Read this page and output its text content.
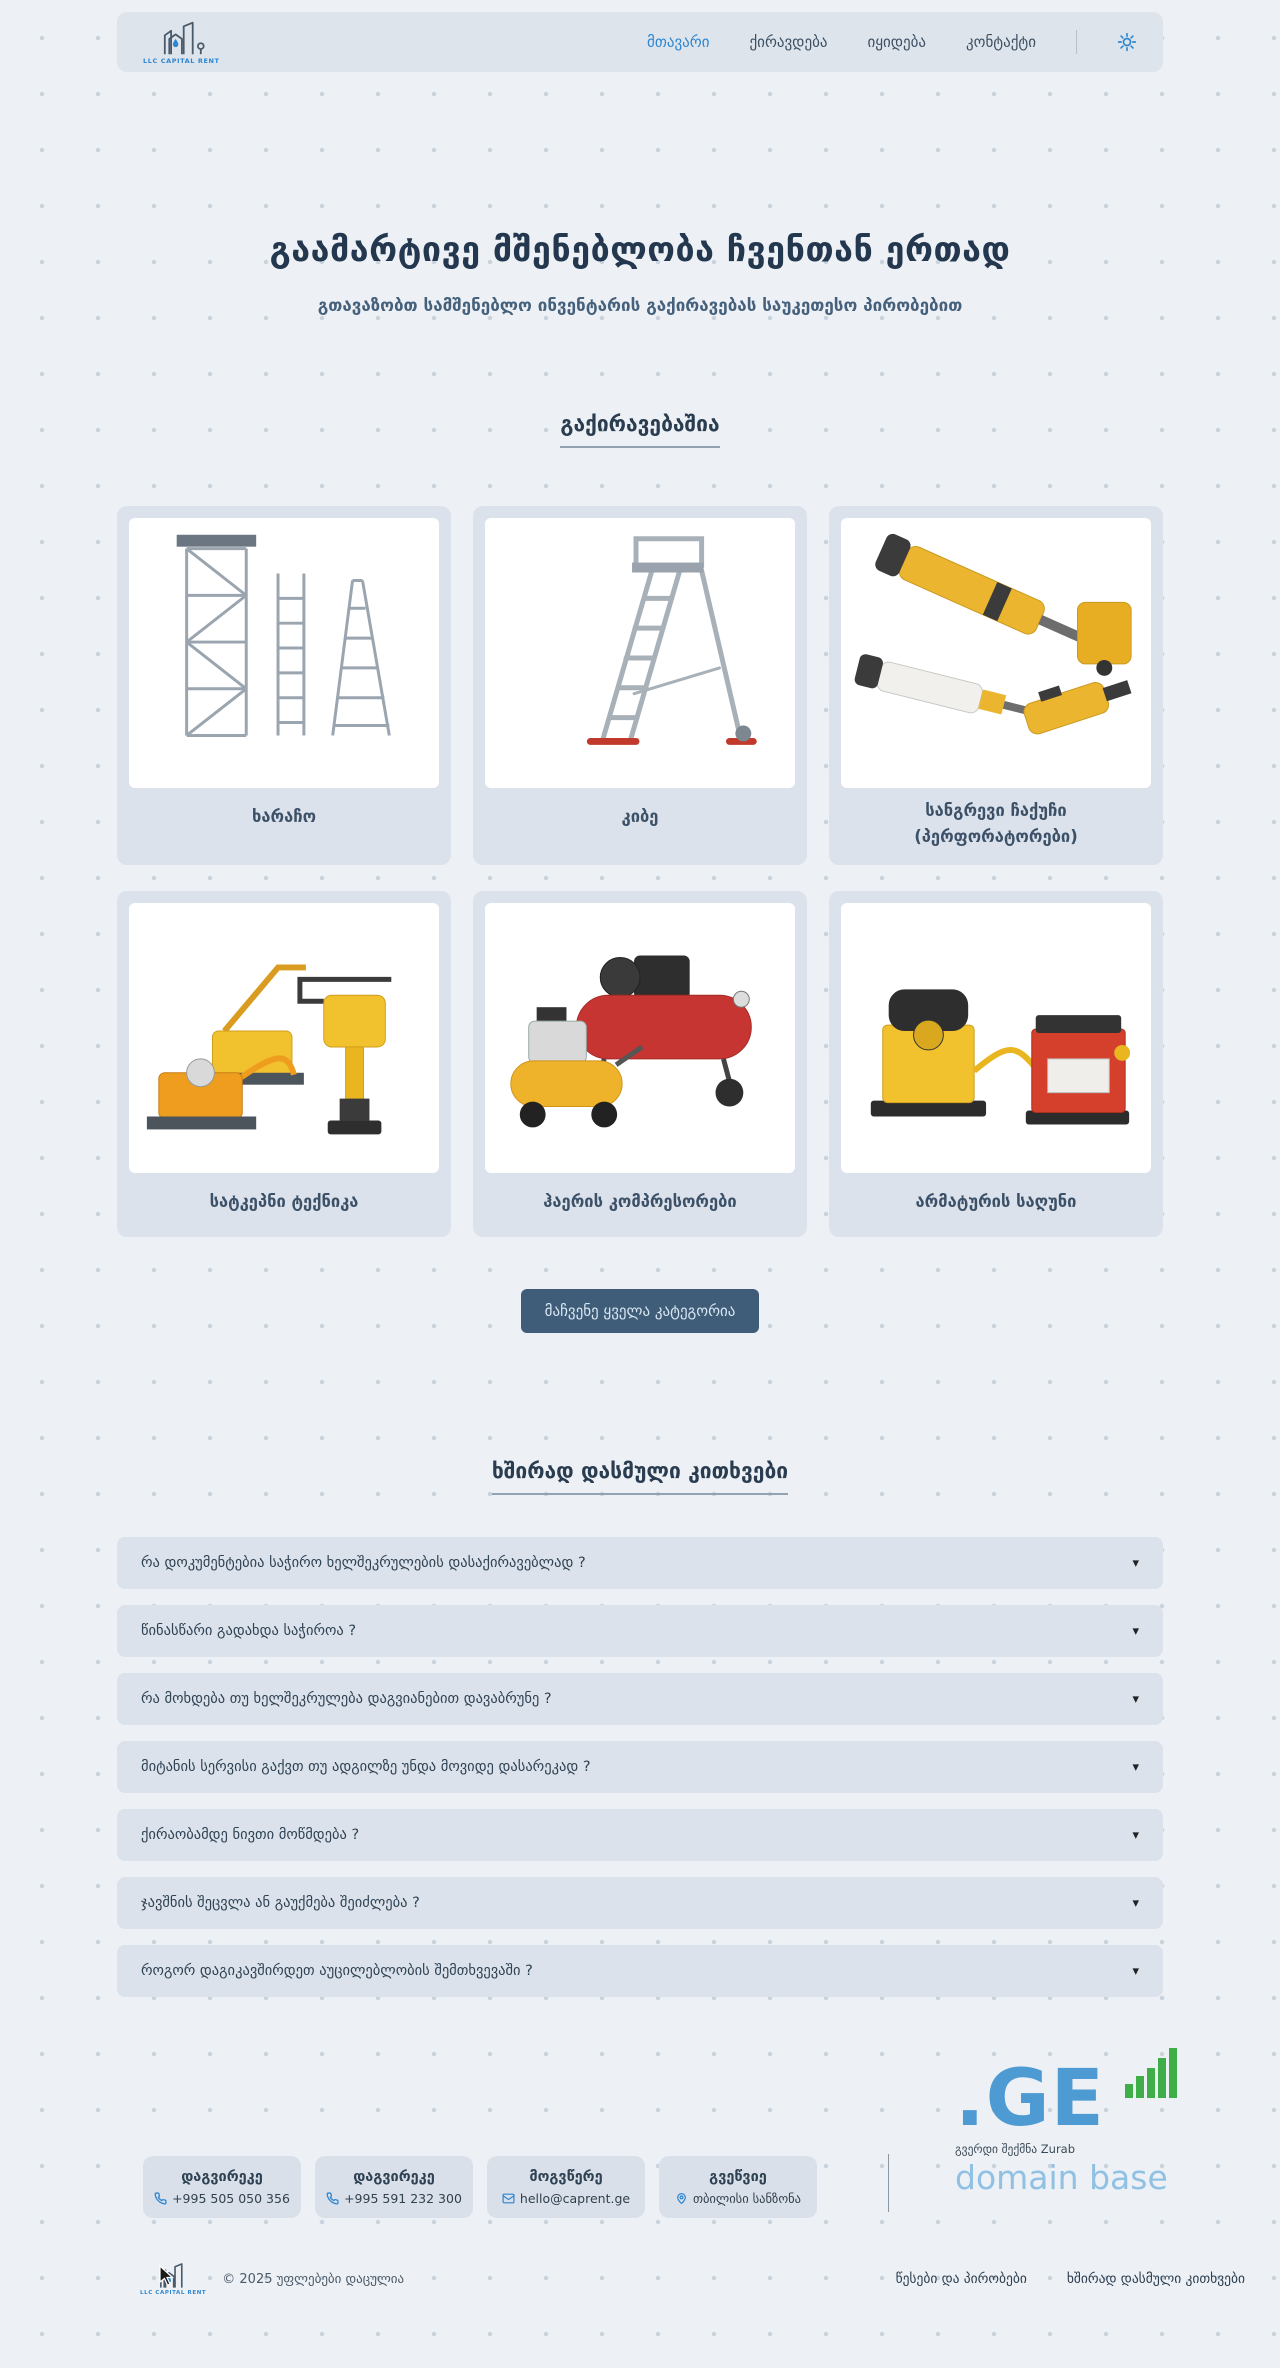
LLC CAPITAL RENT
მთავარი	ქირავდება	იყიდება	კონტაქტი
გაამარტივე მშენებლობა ჩვენთან ერთად

გთავაზობთ სამშენებლო ინვენტარის გაქირავებას საუკეთესო პირობებით

გაქირავებაშია
ხარაჩო	კიბე	სანგრევი ჩაქუჩი (პერფორატორები)
სატკეპნი ტექნიკა	ჰაერის კომპრესორები	არმატურის საღუნი
მაჩვენე ყველა კატეგორია
ხშირად დასმული კითხვები
რა დოკუმენტებია საჭირო ხელშეკრულების დასაქირავებლად ?	▾
წინასწარი გადახდა საჭიროა ?	▾
რა მოხდება თუ ხელშეკრულება დაგვიანებით დავაბრუნე ?	▾
მიტანის სერვისი გაქვთ თუ ადგილზე უნდა მოვიდე დასარეკად ?	▾
ქირაობამდე ნივთი მოწმდება ?	▾
ჯავშნის შეცვლა ან გაუქმება შეიძლება ?	▾
როგორ დაგიკავშირდეთ აუცილებლობის შემთხვევაში ?	▾
დაგვირეკე
+995 505 050 356
დაგვირეკე
+995 591 232 300
მოგვწერე
hello@caprent.ge
გვეწვიე
თბილისი სანზონა
.GE
გვერდი შექმნა Zurab
domain base
LLC CAPITAL RENT
© 2025 უფლებები დაცულია	წესები და პირობები	ხშირად დასმული კითხვები
